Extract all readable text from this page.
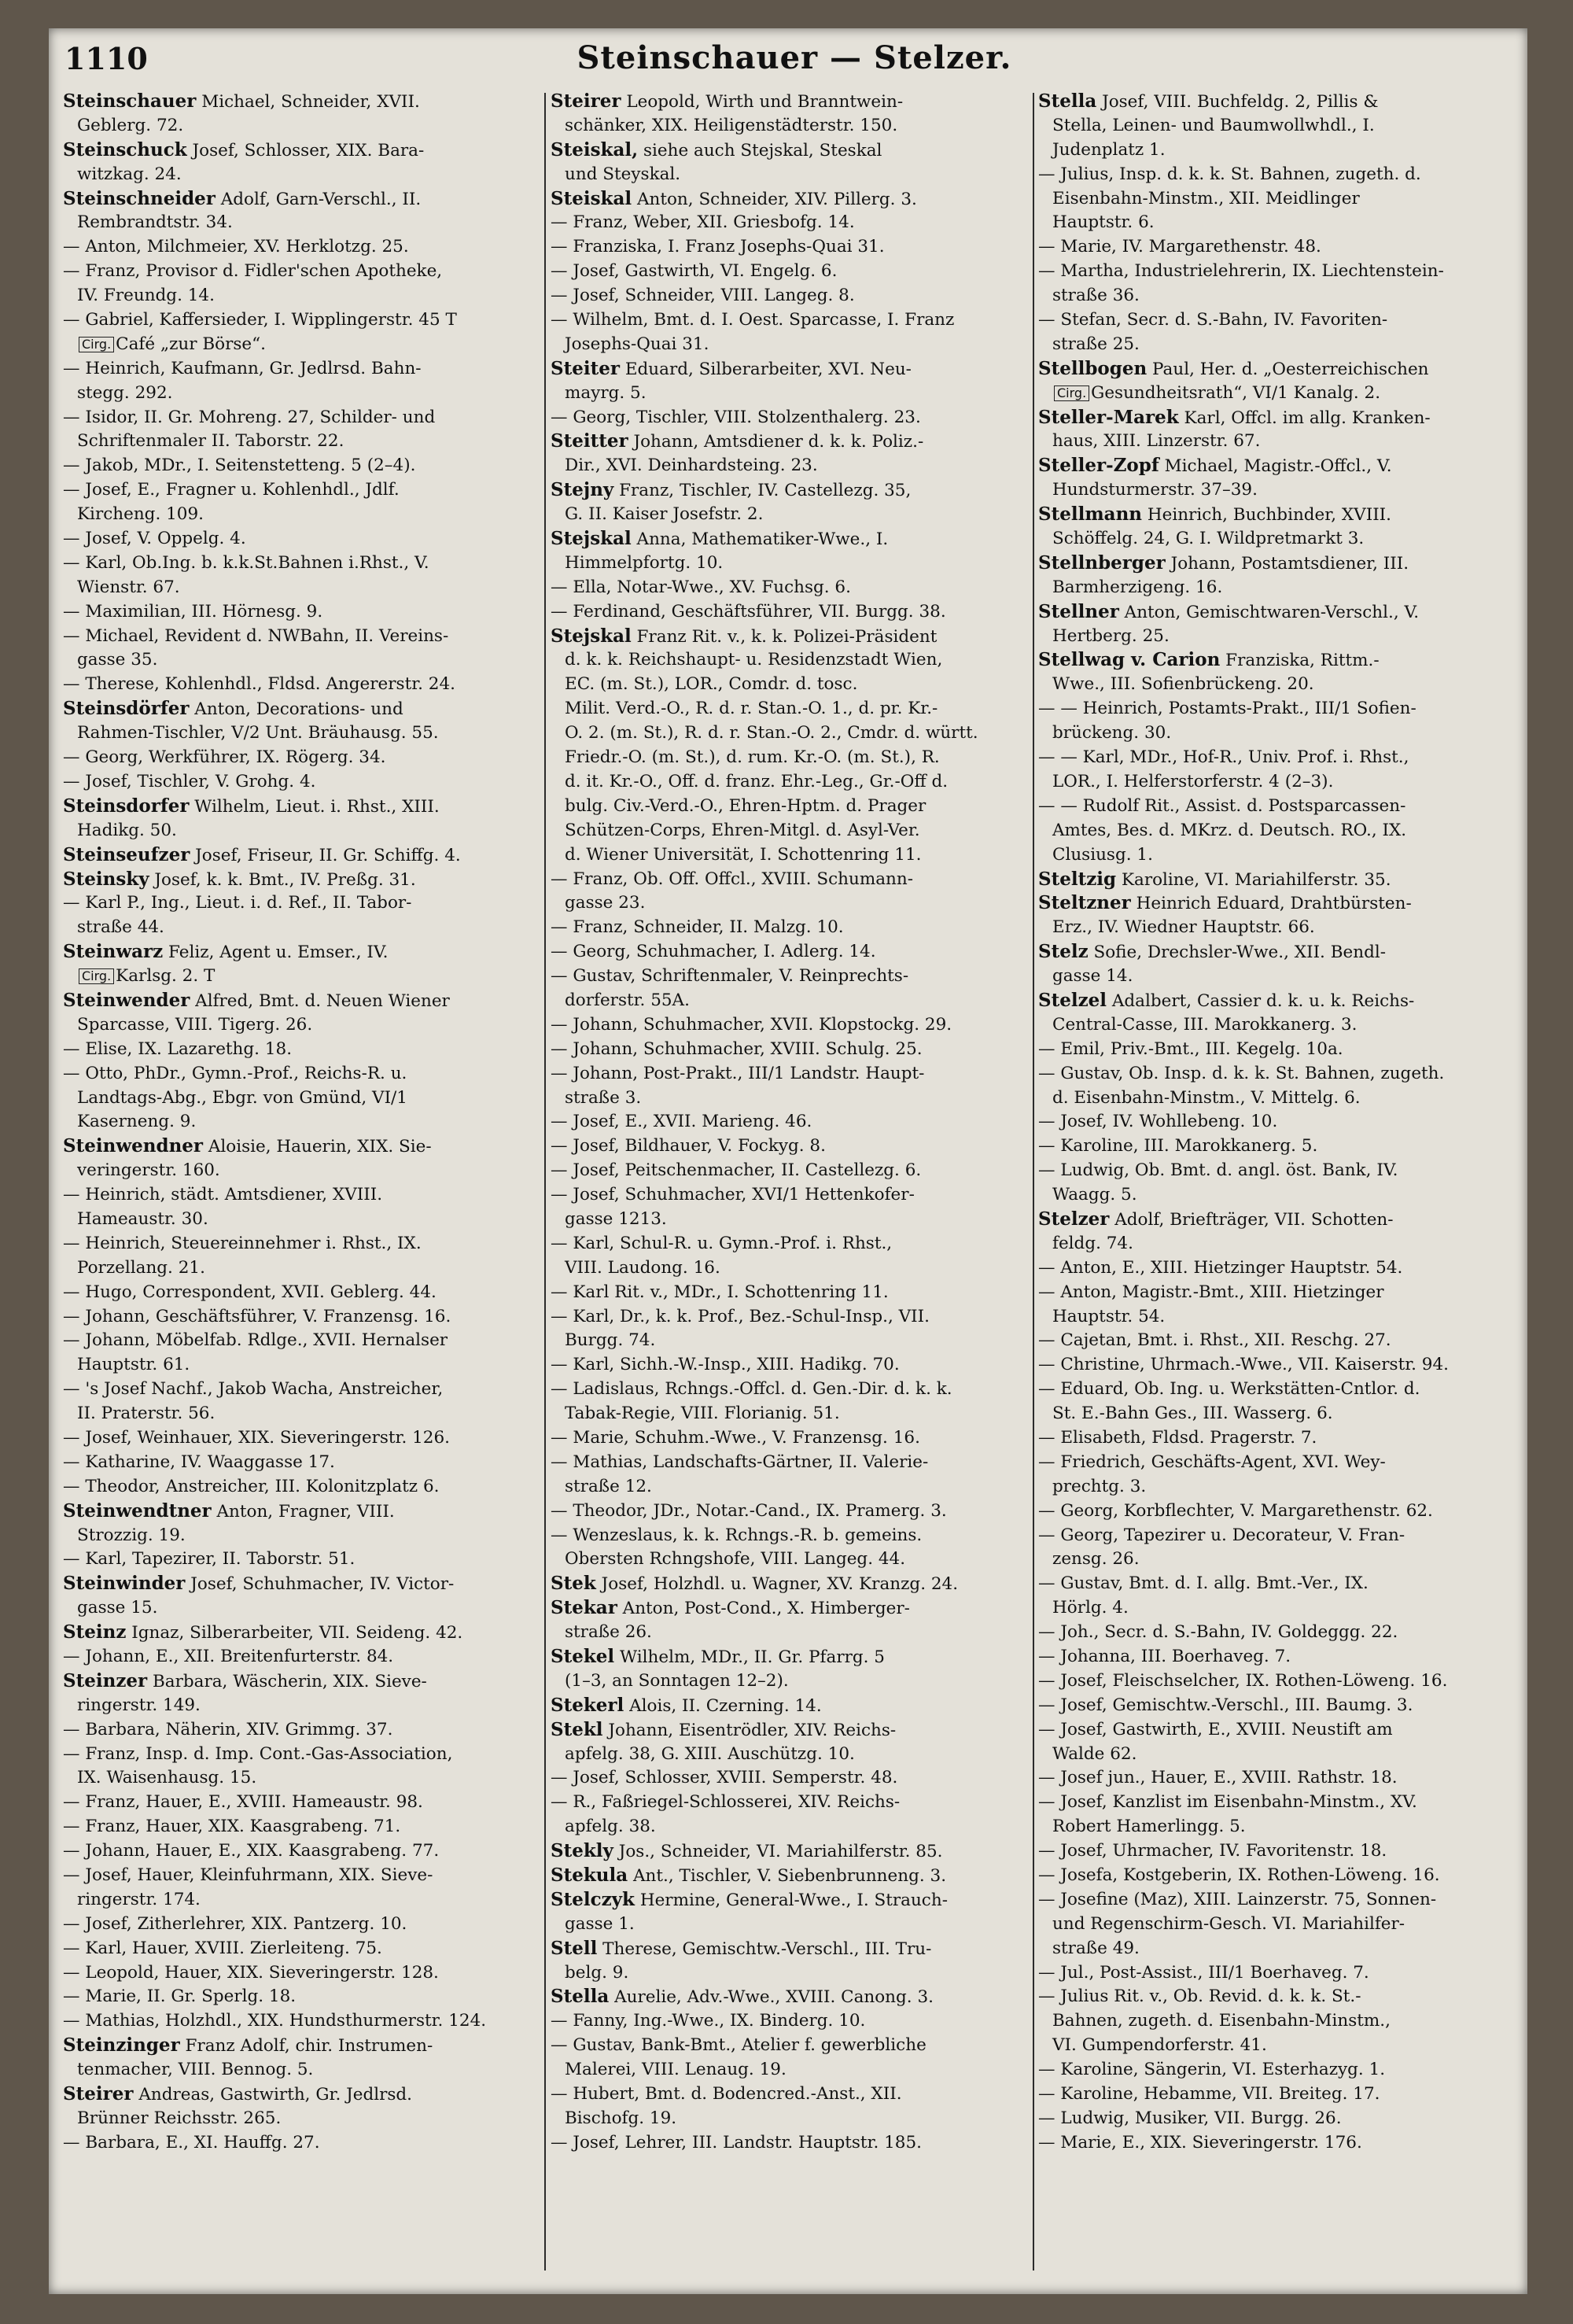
1110	Steinschauer — Stelzer.
Steinschauer Michael, Schneider, XVII.
Geblerg. 72.
Steinschuck Josef, Schlosser, XIX. Bara-
witzkag. 24.
Steinschneider Adolf, Garn-Verschl., II.
Rembrandtstr. 34.
— Anton, Milchmeier, XV. Herklotzg. 25.
— Franz, Provisor d. Fidler'schen Apotheke,
IV. Freundg. 14.
— Gabriel, Kaffersieder, I. Wipplingerstr. 45 T
Cirg. Café „zur Börse“.
— Heinrich, Kaufmann, Gr. Jedlrsd. Bahn-
stegg. 292.
— Isidor, II. Gr. Mohreng. 27, Schilder- und
Schriftenmaler II. Taborstr. 22.
— Jakob, MDr., I. Seitenstetteng. 5 (2–4).
— Josef, E., Fragner u. Kohlenhdl., Jdlf.
Kircheng. 109.
— Josef, V. Oppelg. 4.
— Karl, Ob.Ing. b. k.k.St.Bahnen i.Rhst., V.
Wienstr. 67.
— Maximilian, III. Hörnesg. 9.
— Michael, Revident d. NWBahn, II. Vereins-
gasse 35.
— Therese, Kohlenhdl., Fldsd. Angererstr. 24.
Steinsdörfer Anton, Decorations- und
Rahmen-Tischler, V/2 Unt. Bräuhausg. 55.
— Georg, Werkführer, IX. Rögerg. 34.
— Josef, Tischler, V. Grohg. 4.
Steinsdorfer Wilhelm, Lieut. i. Rhst., XIII.
Hadikg. 50.
Steinseufzer Josef, Friseur, II. Gr. Schiffg. 4.
Steinsky Josef, k. k. Bmt., IV. Preßg. 31.
— Karl P., Ing., Lieut. i. d. Ref., II. Tabor-
straße 44.
Steinwarz Feliz, Agent u. Emser., IV.
Cirg. Karlsg. 2. T
Steinwender Alfred, Bmt. d. Neuen Wiener
Sparcasse, VIII. Tigerg. 26.
— Elise, IX. Lazarethg. 18.
— Otto, PhDr., Gymn.-Prof., Reichs-R. u.
Landtags-Abg., Ebgr. von Gmünd, VI/1
Kaserneng. 9.
Steinwendner Aloisie, Hauerin, XIX. Sie-
veringerstr. 160.
— Heinrich, städt. Amtsdiener, XVIII.
Hameaustr. 30.
— Heinrich, Steuereinnehmer i. Rhst., IX.
Porzellang. 21.
— Hugo, Correspondent, XVII. Geblerg. 44.
— Johann, Geschäftsführer, V. Franzensg. 16.
— Johann, Möbelfab. Rdlge., XVII. Hernalser
Hauptstr. 61.
— 's Josef Nachf., Jakob Wacha, Anstreicher,
II. Praterstr. 56.
— Josef, Weinhauer, XIX. Sieveringerstr. 126.
— Katharine, IV. Waaggasse 17.
— Theodor, Anstreicher, III. Kolonitzplatz 6.
Steinwendtner Anton, Fragner, VIII.
Strozzig. 19.
— Karl, Tapezirer, II. Taborstr. 51.
Steinwinder Josef, Schuhmacher, IV. Victor-
gasse 15.
Steinz Ignaz, Silberarbeiter, VII. Seideng. 42.
— Johann, E., XII. Breitenfurterstr. 84.
Steinzer Barbara, Wäscherin, XIX. Sieve-
ringerstr. 149.
— Barbara, Näherin, XIV. Grimmg. 37.
— Franz, Insp. d. Imp. Cont.-Gas-Association,
IX. Waisenhausg. 15.
— Franz, Hauer, E., XVIII. Hameaustr. 98.
— Franz, Hauer, XIX. Kaasgrabeng. 71.
— Johann, Hauer, E., XIX. Kaasgrabeng. 77.
— Josef, Hauer, Kleinfuhrmann, XIX. Sieve-
ringerstr. 174.
— Josef, Zitherlehrer, XIX. Pantzerg. 10.
— Karl, Hauer, XVIII. Zierleiteng. 75.
— Leopold, Hauer, XIX. Sieveringerstr. 128.
— Marie, II. Gr. Sperlg. 18.
— Mathias, Holzhdl., XIX. Hundsthurmerstr. 124.
Steinzinger Franz Adolf, chir. Instrumen-
tenmacher, VIII. Bennog. 5.
Steirer Andreas, Gastwirth, Gr. Jedlrsd.
Brünner Reichsstr. 265.
— Barbara, E., XI. Hauffg. 27.
Steirer Leopold, Wirth und Branntwein-
schänker, XIX. Heiligenstädterstr. 150.
Steiskal, siehe auch Stejskal, Steskal
und Steyskal.
Steiskal Anton, Schneider, XIV. Pillerg. 3.
— Franz, Weber, XII. Griesbofg. 14.
— Franziska, I. Franz Josephs-Quai 31.
— Josef, Gastwirth, VI. Engelg. 6.
— Josef, Schneider, VIII. Langeg. 8.
— Wilhelm, Bmt. d. I. Oest. Sparcasse, I. Franz
Josephs-Quai 31.
Steiter Eduard, Silberarbeiter, XVI. Neu-
mayrg. 5.
— Georg, Tischler, VIII. Stolzenthalerg. 23.
Steitter Johann, Amtsdiener d. k. k. Poliz.-
Dir., XVI. Deinhardsteing. 23.
Stejny Franz, Tischler, IV. Castellezg. 35,
G. II. Kaiser Josefstr. 2.
Stejskal Anna, Mathematiker-Wwe., I.
Himmelpfortg. 10.
— Ella, Notar-Wwe., XV. Fuchsg. 6.
— Ferdinand, Geschäftsführer, VII. Burgg. 38.
Stejskal Franz Rit. v., k. k. Polizei-Präsident
d. k. k. Reichshaupt- u. Residenzstadt Wien,
EC. (m. St.), LOR., Comdr. d. tosc.
Milit. Verd.-O., R. d. r. Stan.-O. 1., d. pr. Kr.-
O. 2. (m. St.), R. d. r. Stan.-O. 2., Cmdr. d. württ.
Friedr.-O. (m. St.), d. rum. Kr.-O. (m. St.), R.
d. it. Kr.-O., Off. d. franz. Ehr.-Leg., Gr.-Off d.
bulg. Civ.-Verd.-O., Ehren-Hptm. d. Prager
Schützen-Corps, Ehren-Mitgl. d. Asyl-Ver.
d. Wiener Universität, I. Schottenring 11.
— Franz, Ob. Off. Offcl., XVIII. Schumann-
gasse 23.
— Franz, Schneider, II. Malzg. 10.
— Georg, Schuhmacher, I. Adlerg. 14.
— Gustav, Schriftenmaler, V. Reinprechts-
dorferstr. 55A.
— Johann, Schuhmacher, XVII. Klopstockg. 29.
— Johann, Schuhmacher, XVIII. Schulg. 25.
— Johann, Post-Prakt., III/1 Landstr. Haupt-
straße 3.
— Josef, E., XVII. Marieng. 46.
— Josef, Bildhauer, V. Fockyg. 8.
— Josef, Peitschenmacher, II. Castellezg. 6.
— Josef, Schuhmacher, XVI/1 Hettenkofer-
gasse 1213.
— Karl, Schul-R. u. Gymn.-Prof. i. Rhst.,
VIII. Laudong. 16.
— Karl Rit. v., MDr., I. Schottenring 11.
— Karl, Dr., k. k. Prof., Bez.-Schul-Insp., VII.
Burgg. 74.
— Karl, Sichh.-W.-Insp., XIII. Hadikg. 70.
— Ladislaus, Rchngs.-Offcl. d. Gen.-Dir. d. k. k.
Tabak-Regie, VIII. Florianig. 51.
— Marie, Schuhm.-Wwe., V. Franzensg. 16.
— Mathias, Landschafts-Gärtner, II. Valerie-
straße 12.
— Theodor, JDr., Notar.-Cand., IX. Pramerg. 3.
— Wenzeslaus, k. k. Rchngs.-R. b. gemeins.
Obersten Rchngshofe, VIII. Langeg. 44.
Stek Josef, Holzhdl. u. Wagner, XV. Kranzg. 24.
Stekar Anton, Post-Cond., X. Himberger-
straße 26.
Stekel Wilhelm, MDr., II. Gr. Pfarrg. 5
(1–3, an Sonntagen 12–2).
Stekerl Alois, II. Czerning. 14.
Stekl Johann, Eisentrödler, XIV. Reichs-
apfelg. 38, G. XIII. Auschützg. 10.
— Josef, Schlosser, XVIII. Semperstr. 48.
— R., Faßriegel-Schlosserei, XIV. Reichs-
apfelg. 38.
Stekly Jos., Schneider, VI. Mariahilferstr. 85.
Stekula Ant., Tischler, V. Siebenbrunneng. 3.
Stelczyk Hermine, General-Wwe., I. Strauch-
gasse 1.
Stell Therese, Gemischtw.-Verschl., III. Tru-
belg. 9.
Stella Aurelie, Adv.-Wwe., XVIII. Canong. 3.
— Fanny, Ing.-Wwe., IX. Binderg. 10.
— Gustav, Bank-Bmt., Atelier f. gewerbliche
Malerei, VIII. Lenaug. 19.
— Hubert, Bmt. d. Bodencred.-Anst., XII.
Bischofg. 19.
— Josef, Lehrer, III. Landstr. Hauptstr. 185.
Stella Josef, VIII. Buchfeldg. 2, Pillis &
Stella, Leinen- und Baumwollwhdl., I.
Judenplatz 1.
— Julius, Insp. d. k. k. St. Bahnen, zugeth. d.
Eisenbahn-Minstm., XII. Meidlinger
Hauptstr. 6.
— Marie, IV. Margarethenstr. 48.
— Martha, Industrielehrerin, IX. Liechtenstein-
straße 36.
— Stefan, Secr. d. S.-Bahn, IV. Favoriten-
straße 25.
Stellbogen Paul, Her. d. „Oesterreichischen
Cirg. Gesundheitsrath“, VI/1 Kanalg. 2.
Steller-Marek Karl, Offcl. im allg. Kranken-
haus, XIII. Linzerstr. 67.
Steller-Zopf Michael, Magistr.-Offcl., V.
Hundsturmerstr. 37–39.
Stellmann Heinrich, Buchbinder, XVIII.
Schöffelg. 24, G. I. Wildpretmarkt 3.
Stellnberger Johann, Postamtsdiener, III.
Barmherzigeng. 16.
Stellner Anton, Gemischtwaren-Verschl., V.
Hertberg. 25.
Stellwag v. Carion Franziska, Rittm.-
Wwe., III. Sofienbrückeng. 20.
— — Heinrich, Postamts-Prakt., III/1 Sofien-
brückeng. 30.
— — Karl, MDr., Hof-R., Univ. Prof. i. Rhst.,
LOR., I. Helferstorferstr. 4 (2–3).
— — Rudolf Rit., Assist. d. Postsparcassen-
Amtes, Bes. d. MKrz. d. Deutsch. RO., IX.
Clusiusg. 1.
Steltzig Karoline, VI. Mariahilferstr. 35.
Steltzner Heinrich Eduard, Drahtbürsten-
Erz., IV. Wiedner Hauptstr. 66.
Stelz Sofie, Drechsler-Wwe., XII. Bendl-
gasse 14.
Stelzel Adalbert, Cassier d. k. u. k. Reichs-
Central-Casse, III. Marokkanerg. 3.
— Emil, Priv.-Bmt., III. Kegelg. 10a.
— Gustav, Ob. Insp. d. k. k. St. Bahnen, zugeth.
d. Eisenbahn-Minstm., V. Mittelg. 6.
— Josef, IV. Wohllebeng. 10.
— Karoline, III. Marokkanerg. 5.
— Ludwig, Ob. Bmt. d. angl. öst. Bank, IV.
Waagg. 5.
Stelzer Adolf, Briefträger, VII. Schotten-
feldg. 74.
— Anton, E., XIII. Hietzinger Hauptstr. 54.
— Anton, Magistr.-Bmt., XIII. Hietzinger
Hauptstr. 54.
— Cajetan, Bmt. i. Rhst., XII. Reschg. 27.
— Christine, Uhrmach.-Wwe., VII. Kaiserstr. 94.
— Eduard, Ob. Ing. u. Werkstätten-Cntlor. d.
St. E.-Bahn Ges., III. Wasserg. 6.
— Elisabeth, Fldsd. Pragerstr. 7.
— Friedrich, Geschäfts-Agent, XVI. Wey-
prechtg. 3.
— Georg, Korbflechter, V. Margarethenstr. 62.
— Georg, Tapezirer u. Decorateur, V. Fran-
zensg. 26.
— Gustav, Bmt. d. I. allg. Bmt.-Ver., IX.
Hörlg. 4.
— Joh., Secr. d. S.-Bahn, IV. Goldeggg. 22.
— Johanna, III. Boerhaveg. 7.
— Josef, Fleischselcher, IX. Rothen-Löweng. 16.
— Josef, Gemischtw.-Verschl., III. Baumg. 3.
— Josef, Gastwirth, E., XVIII. Neustift am
Walde 62.
— Josef jun., Hauer, E., XVIII. Rathstr. 18.
— Josef, Kanzlist im Eisenbahn-Minstm., XV.
Robert Hamerlingg. 5.
— Josef, Uhrmacher, IV. Favoritenstr. 18.
— Josefa, Kostgeberin, IX. Rothen-Löweng. 16.
— Josefine (Maz), XIII. Lainzerstr. 75, Sonnen-
und Regenschirm-Gesch. VI. Mariahilfer-
straße 49.
— Jul., Post-Assist., III/1 Boerhaveg. 7.
— Julius Rit. v., Ob. Revid. d. k. k. St.-
Bahnen, zugeth. d. Eisenbahn-Minstm.,
VI. Gumpendorferstr. 41.
— Karoline, Sängerin, VI. Esterhazyg. 1.
— Karoline, Hebamme, VII. Breiteg. 17.
— Ludwig, Musiker, VII. Burgg. 26.
— Marie, E., XIX. Sieveringerstr. 176.
